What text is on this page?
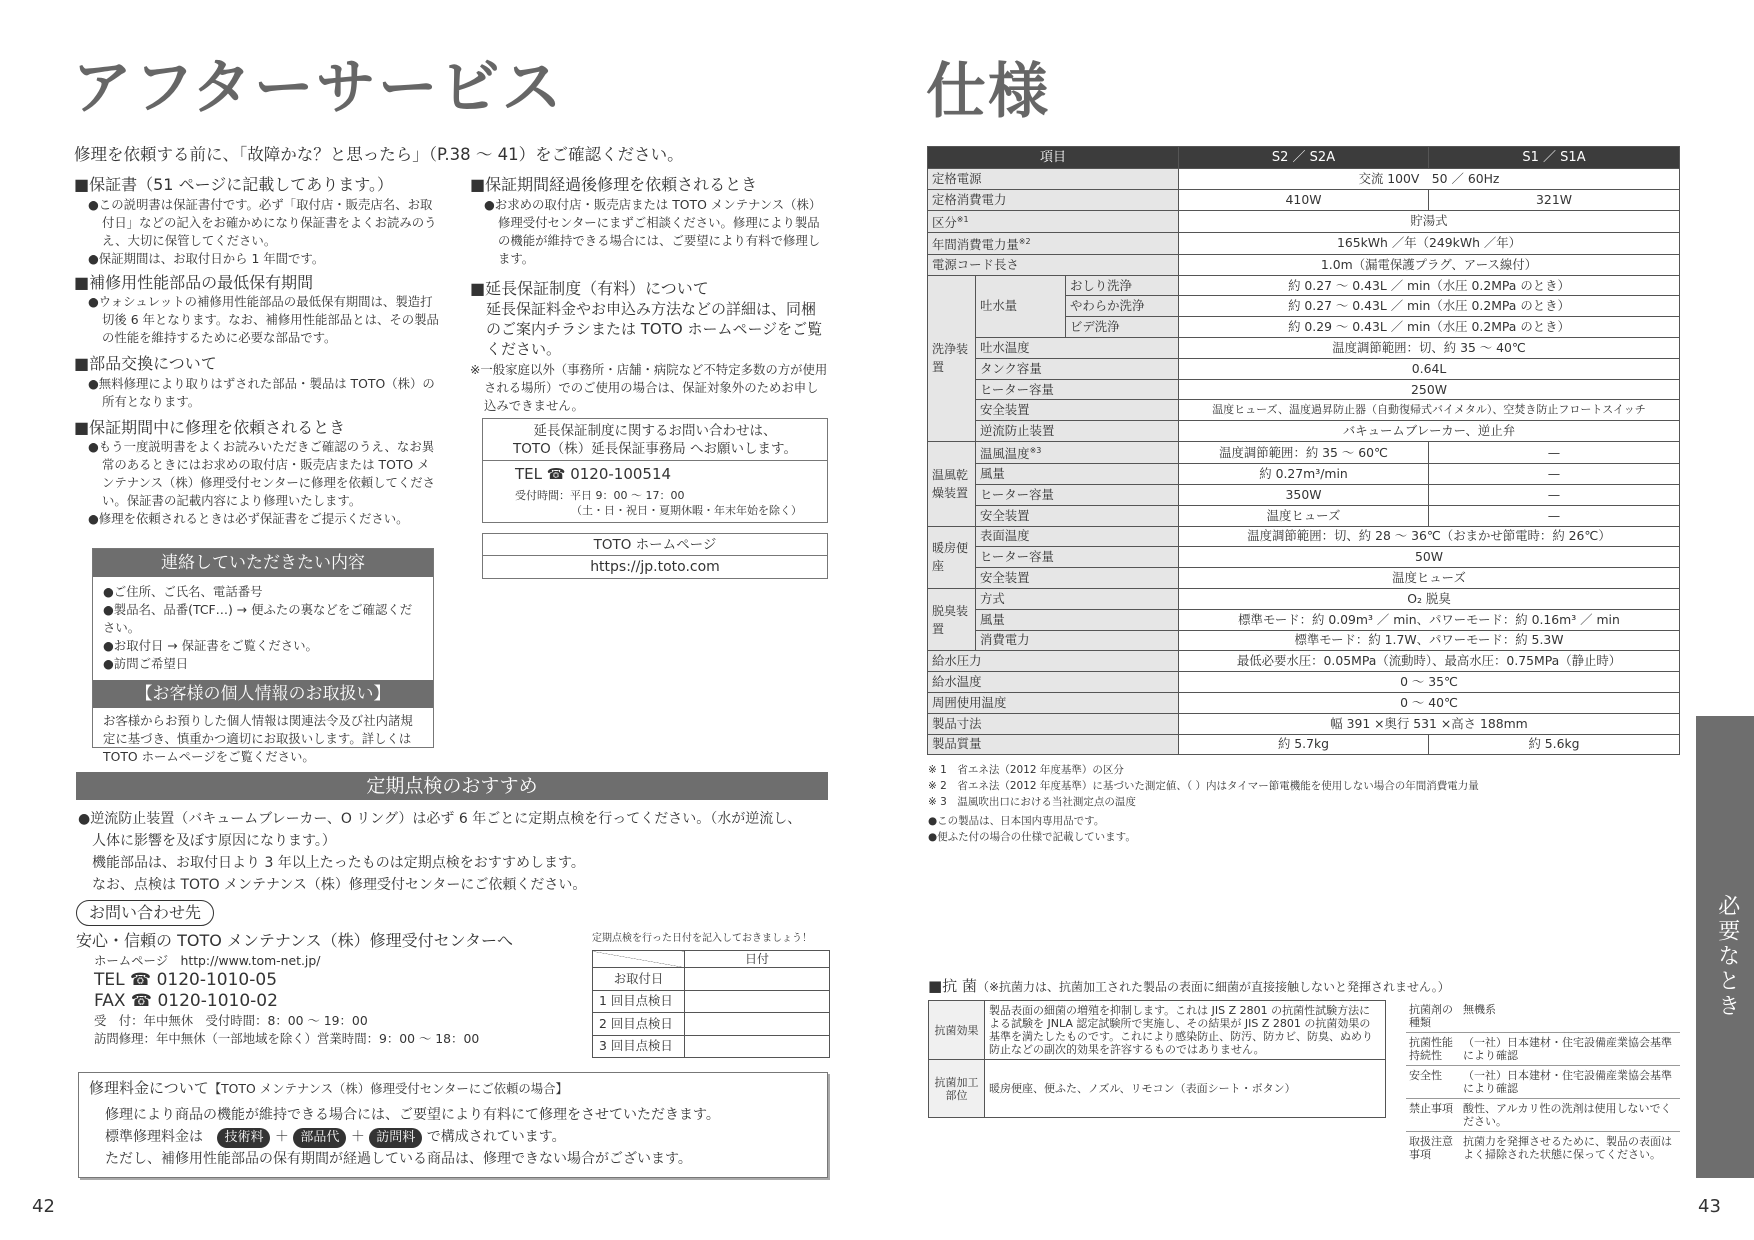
アフターサービス
修理を依頼する前に、「故障かな？と思ったら」（P.38 ～ 41）をご確認ください。
■保証書（51 ページに記載してあります。）
●この説明書は保証書付です。必ず「取付店・販売店名、お取付日」などの記入をお確かめになり保証書をよくお読みのうえ、大切に保管してください。
●保証期間は、お取付日から 1 年間です。
■補修用性能部品の最低保有期間
●ウォシュレットの補修用性能部品の最低保有期間は、製造打切後 6 年となります。なお、補修用性能部品とは、その製品の性能を維持するために必要な部品です。
■部品交換について
●無料修理により取りはずされた部品・製品は TOTO（株）の所有となります。
■保証期間中に修理を依頼されるとき
●もう一度説明書をよくお読みいただきご確認のうえ、なお異常のあるときにはお求めの取付店・販売店または TOTO メンテナンス（株）修理受付センターに修理を依頼してください。保証書の記載内容により修理いたします。
●修理を依頼されるときは必ず保証書をご提示ください。
連絡していただきたい内容
●ご住所、ご氏名、電話番号
●製品名、品番(TCF…) → 便ふたの裏などをご確認ください。
●お取付日 → 保証書をご覧ください。
●訪問ご希望日
【お客様の個人情報のお取扱い】
お客様からお預りした個人情報は関連法令及び社内諸規定に基づき、慎重かつ適切にお取扱いします。詳しくは TOTO ホームページをご覧ください。
■保証期間経過後修理を依頼されるとき
●お求めの取付店・販売店または TOTO メンテナンス（株）修理受付センターにまずご相談ください。修理により製品の機能が維持できる場合には、ご要望により有料で修理します。
■延長保証制度（有料）について
延長保証料金やお申込み方法などの詳細は、同梱のご案内チラシまたは TOTO ホームページをご覧ください。
※一般家庭以外（事務所・店舗・病院など不特定多数の方が使用される場所）でのご使用の場合は、保証対象外のためお申し込みできません。
延長保証制度に関するお問い合わせは、
TOTO（株）延長保証事務局 へお願いします。
TEL ☎ 0120-100514
受付時間：平日 9：00 ～ 17：00
（土・日・祝日・夏期休暇・年末年始を除く）
TOTO ホームページ
https://jp.toto.com
定期点検のおすすめ
●逆流防止装置（バキュームブレーカー、O リング）は必ず 6 年ごとに定期点検を行ってください。（水が逆流し、
人体に影響を及ぼす原因になります。）
機能部品は、お取付日より 3 年以上たったものは定期点検をおすすめします。
なお、点検は TOTO メンテナンス（株）修理受付センターにご依頼ください。
お問い合わせ先
安心・信頼の TOTO メンテナンス（株）修理受付センターへ
ホームページ　http://www.tom-net.jp/
TEL ☎ 0120-1010-05
FAX ☎ 0120-1010-02
受　付：年中無休　受付時間：8：00 ～ 19：00
訪問修理：年中無休（一部地域を除く）営業時間：9：00 ～ 18：00
定期点検を行った日付を記入しておきましょう！
	日付
お取付日	
1 回目点検日	
2 回目点検日	
3 回目点検日	
修理料金について【TOTO メンテナンス（株）修理受付センターにご依頼の場合】
修理により商品の機能が維持できる場合には、ご要望により有料にて修理をさせていただきます。
標準修理料金は 技術料 ＋ 部品代 ＋ 訪問料 で構成されています。
ただし、補修用性能部品の保有期間が経過している商品は、修理できない場合がございます。
42
仕様
項目			S2 ／ S2A	S1 ／ S1A
定格電源			交流 100V　50 ／ 60Hz	
定格消費電力			410W	321W
区分$^{※1}$			貯湯式	
年間消費電力量$^{※2}$			165kWh ／年（249kWh ／年）	
電源コード長さ			1.0m（漏電保護プラグ、アース線付）	
洗浄装置	吐水量	おしり洗浄	約 0.27 ～ 0.43L ／ min（水圧 0.2MPa のとき）	
		やわらか洗浄	約 0.27 ～ 0.43L ／ min（水圧 0.2MPa のとき）	
		ビデ洗浄	約 0.29 ～ 0.43L ／ min（水圧 0.2MPa のとき）	
	吐水温度		温度調節範囲：切、約 35 ～ 40℃	
	タンク容量		0.64L	
	ヒーター容量		250W	
	安全装置		温度ヒューズ、温度過昇防止器（自動復帰式バイメタル）、空焚き防止フロートスイッチ	
	逆流防止装置		バキュームブレーカー、逆止弁	
温風乾燥装置	温風温度$^{※3}$		温度調節範囲：約 35 ～ 60℃	—
	風量		約 0.27m³/min	—
	ヒーター容量		350W	—
	安全装置		温度ヒューズ	—
暖房便座	表面温度		温度調節範囲：切、約 28 ～ 36℃（おまかせ節電時：約 26℃）	
	ヒーター容量		50W	
	安全装置		温度ヒューズ	
脱臭装置	方式		O₂ 脱臭	
	風量		標準モード：約 0.09m³ ／ min、パワーモード：約 0.16m³ ／ min	
	消費電力		標準モード：約 1.7W、パワーモード：約 5.3W	
給水圧力			最低必要水圧：0.05MPa（流動時）、最高水圧：0.75MPa（静止時）	
給水温度			0 ～ 35℃	
周囲使用温度			0 ～ 40℃	
製品寸法			幅 391 ×奥行 531 ×高さ 188mm	
製品質量			約 5.7kg	約 5.6kg
※ 1　省エネ法（2012 年度基準）の区分
※ 2　省エネ法（2012 年度基準）に基づいた測定値、（ ）内はタイマー節電機能を使用しない場合の年間消費電力量
※ 3　温風吹出口における当社測定点の温度
●この製品は、日本国内専用品です。
●便ふた付の場合の仕様で記載しています。
■抗 菌（※抗菌力は、抗菌加工された製品の表面に細菌が直接接触しないと発揮されません。）
抗菌効果	製品表面の細菌の増殖を抑制します。これは JIS Z 2801 の抗菌性試験方法による試験を JNLA 認定試験所で実施し、その結果が JIS Z 2801 の抗菌効果の基準を満たしたものです。これにより感染防止、防汚、防カビ、防臭、ぬめり防止などの副次的効果を許容するものではありません。
抗菌加工部位	暖房便座、便ふた、ノズル、リモコン（表面シート・ボタン）
抗菌剤の種類	無機系
抗菌性能持続性	（一社）日本建材・住宅設備産業協会基準により確認
安全性	（一社）日本建材・住宅設備産業協会基準により確認
禁止事項	酸性、アルカリ性の洗剤は使用しないでください。
取扱注意事項	抗菌力を発揮させるために、製品の表面はよく掃除された状態に保ってください。
必要なとき
43
